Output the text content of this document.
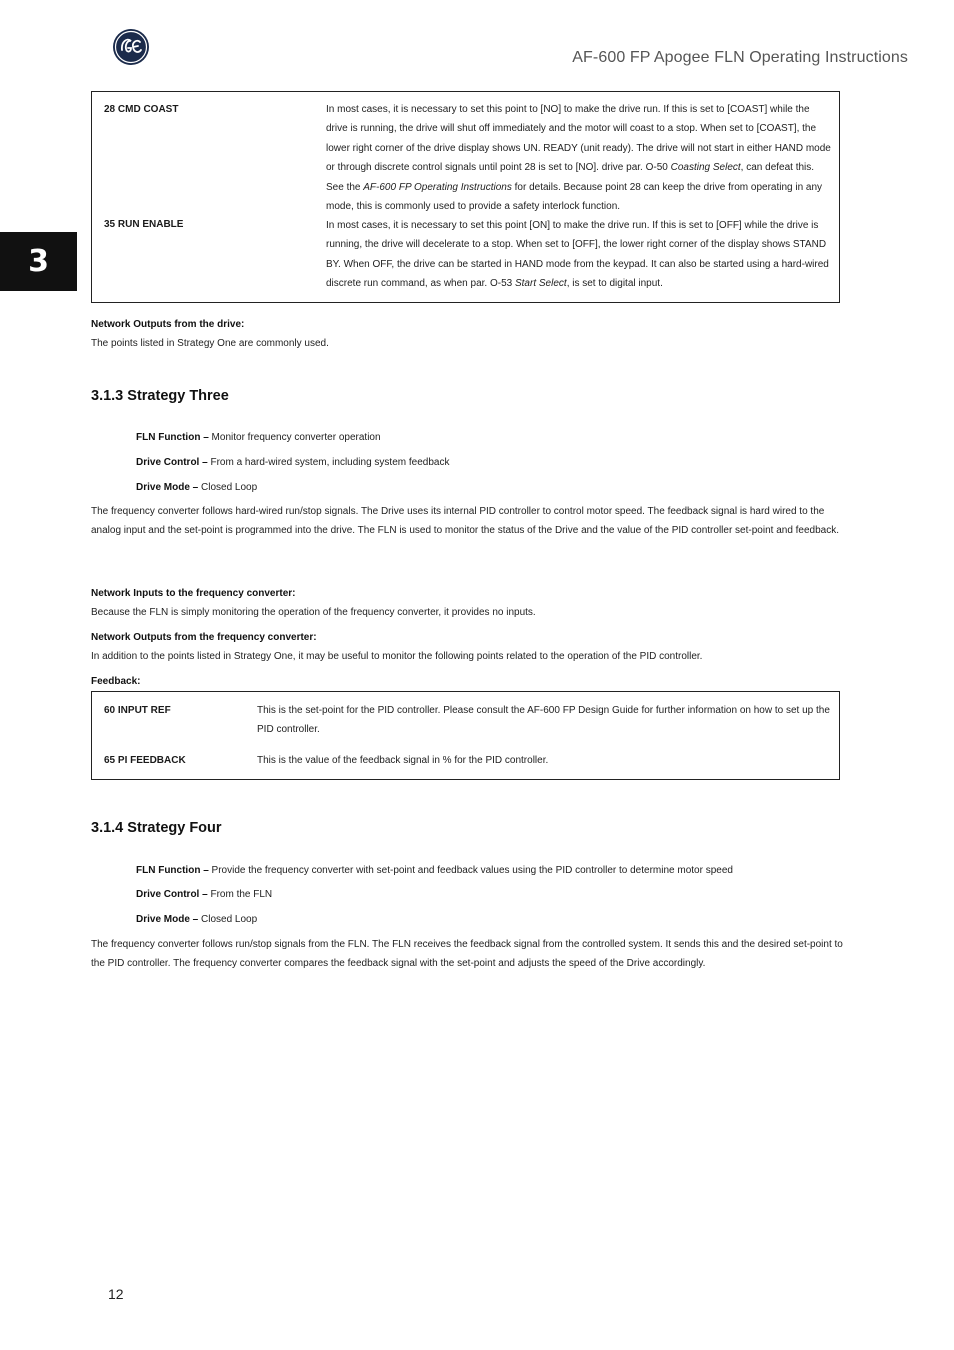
AF-600 FP Apogee FLN Operating Instructions
3
28 CMD COAST	In most cases, it is necessary to set this point to [NO] to make the drive run. If this is set to [COAST] while the drive is running, the drive will shut off immediately and the motor will coast to a stop. When set to [COAST], the lower right corner of the drive display shows UN. READY (unit ready). The drive will not start in either HAND mode or through discrete control signals until point 28 is set to [NO]. drive par. O-50 Coasting Select, can defeat this. See the AF-600 FP Operating Instructions for details. Because point 28 can keep the drive from operating in any mode, this is commonly used to provide a safety interlock function.
35 RUN ENABLE	In most cases, it is necessary to set this point [ON] to make the drive run. If this is set to [OFF] while the drive is running, the drive will decelerate to a stop. When set to [OFF], the lower right corner of the display shows STAND BY. When OFF, the drive can be started in HAND mode from the keypad. It can also be started using a hard-wired discrete run command, as when par. O-53 Start Select, is set to digital input.
Network Outputs from the drive:
The points listed in Strategy One are commonly used.
3.1.3 Strategy Three
FLN Function – Monitor frequency converter operation
Drive Control – From a hard-wired system, including system feedback
Drive Mode – Closed Loop
The frequency converter follows hard-wired run/stop signals. The Drive uses its internal PID controller to control motor speed. The feedback signal is hard wired to the analog input and the set-point is programmed into the drive. The FLN is used to monitor the status of the Drive and the value of the PID controller set-point and feedback.
Network Inputs to the frequency converter:
Because the FLN is simply monitoring the operation of the frequency converter, it provides no inputs.
Network Outputs from the frequency converter:
In addition to the points listed in Strategy One, it may be useful to monitor the following points related to the operation of the PID controller.
Feedback:
60 INPUT REF	This is the set-point for the PID controller. Please consult the AF-600 FP Design Guide for further information on how to set up the PID controller.
65 PI FEEDBACK	This is the value of the feedback signal in % for the PID controller.
3.1.4 Strategy Four
FLN Function – Provide the frequency converter with set-point and feedback values using the PID controller to determine motor speed
Drive Control – From the FLN
Drive Mode – Closed Loop
The frequency converter follows run/stop signals from the FLN. The FLN receives the feedback signal from the controlled system. It sends this and the desired set-point to the PID controller. The frequency converter compares the feedback signal with the set-point and adjusts the speed of the Drive accordingly.
12
